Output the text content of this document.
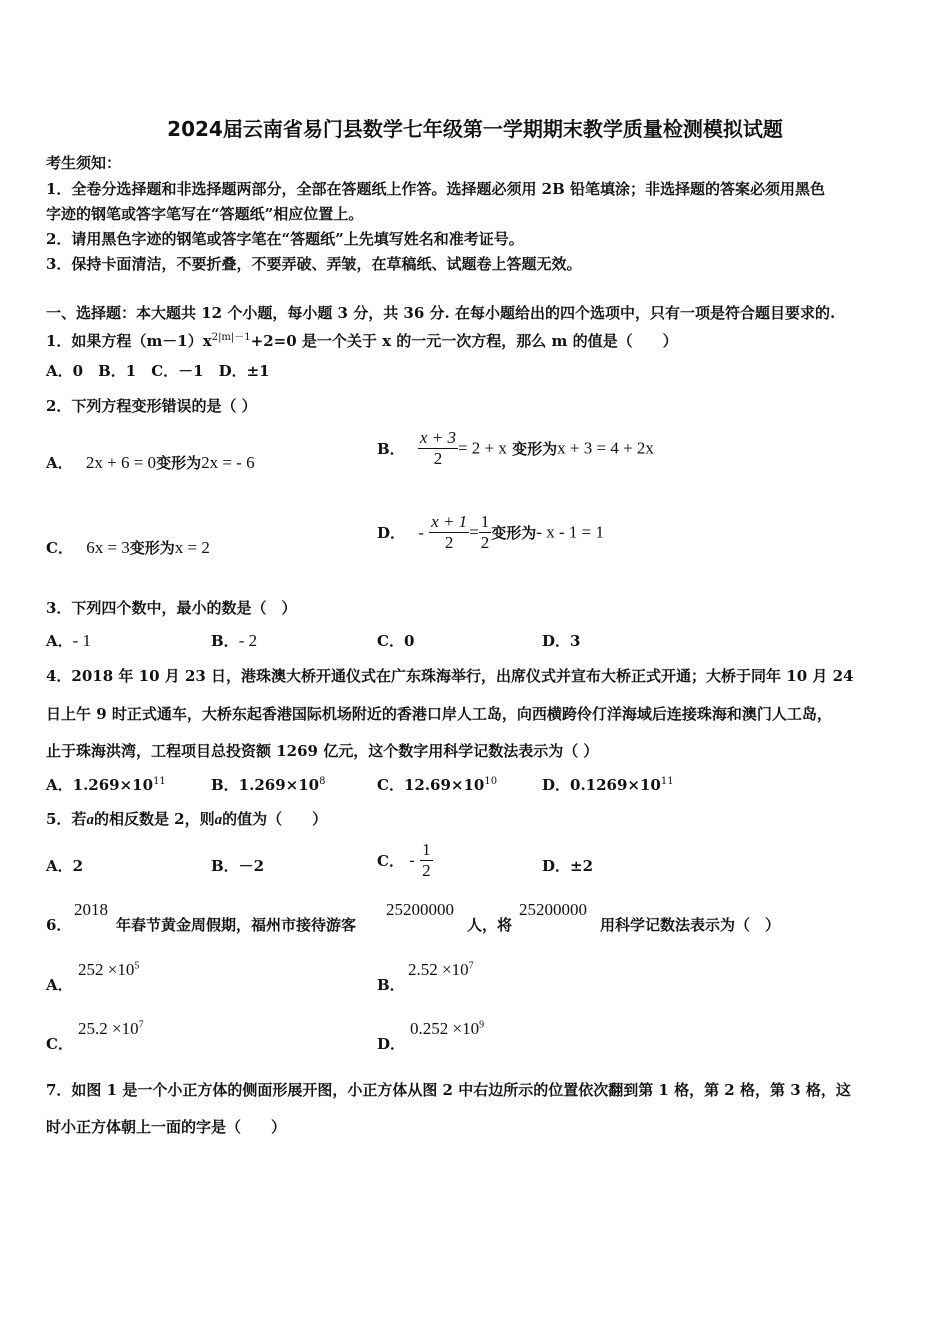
2024届云南省易门县数学七年级第一学期期末教学质量检测模拟试题
考生须知：
1．全卷分选择题和非选择题两部分，全部在答题纸上作答。选择题必须用 2B 铅笔填涂；非选择题的答案必须用黑色
字迹的钢笔或答字笔写在“答题纸”相应位置上。
2．请用黑色字迹的钢笔或答字笔在“答题纸”上先填写姓名和准考证号。
3．保持卡面清洁，不要折叠，不要弄破、弄皱，在草稿纸、试题卷上答题无效。
一、选择题：本大题共 12 个小题，每小题 3 分，共 36 分. 在每小题给出的四个选项中，只有一项是符合题目要求的.
1．如果方程$(m-1)x^{2|m|-1}+2=0$ 是一个关于 x 的一元一次方程，那么 m 的值是（　　）
A．0　B．1　C．－1　D．±1
2．下列方程变形错误的是（ ）
A． 2x + 6 = 0变形为2x = - 6
B． $\frac{x + 3}{2} = 2 + x$ 变形为x + 3 = 4 + 2x
C． 6x = 3变形为x = 2
D． - $\frac{x + 1}{2} = \frac{1}{2}$ 变形为- x - 1 = 1
3．下列四个数中，最小的数是（　）
A．- 1	B．- 2	C．0	D．3
4．2018 年 10 月 23 日，港珠澳大桥开通仪式在广东珠海举行，出席仪式并宣布大桥正式开通；大桥于同年 10 月 24
日上午 9 时正式通车，大桥东起香港国际机场附近的香港口岸人工岛，向西横跨伶仃洋海域后连接珠海和澳门人工岛，
止于珠海洪湾，工程项目总投资额 1269 亿元，这个数字用科学记数法表示为（ ）
A．$1.269\times 10^{11}$	B．$1.269\times 10^8$	C．$12.69\times 10^{10}$	D．$0.1269\times 10^{11}$
5．若a的相反数是 2，则a的值为（　　）
A．2	B．－2	C． - $\frac{1}{2}$	D．±2
6．
2018
年春节黄金周假期，福州市接待游客
25200000
人，将
25200000
用科学记数法表示为（　）
A．
$252 \times 10^5$
B．
$2.52 \times 10^7$
C．
$25.2 \times 10^7$
D．
$0.252 \times 10^9$
7．如图 1 是一个小正方体的侧面形展开图，小正方体从图 2 中右边所示的位置依次翻到第 1 格，第 2 格，第 3 格，这
时小正方体朝上一面的字是（　　）
